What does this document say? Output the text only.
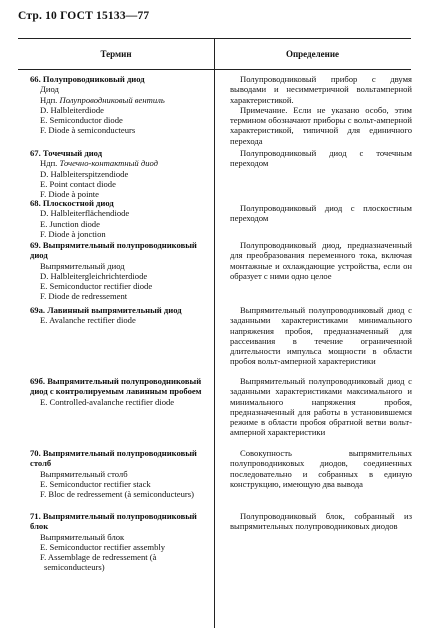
Стр. 10 ГОСТ 15133—77
Термин	Определение
66. Полупроводниковый диод
Диод
Ндп. Полупроводниковый вентиль
D. Halbleiterdiode
E. Semiconductor diode
F. Diode à semiconducteurs

Полупроводниковый прибор с двумя выводами и несимметричной вольтамперной характеристикой.

Примечание. Если не указано особо, этим термином обозначают приборы с вольт-амперной характеристикой, типичной для единичного перехода

67. Точечный диод
Ндп. Точечно-контактный диод
D. Halbleiterspitzendiode
E. Point contact diode
F. Diode à pointe

Полупроводниковый диод с точечным переходом

68. Плоскостной диод
D. Halbleiterflächendiode
E. Junction diode
F. Diode à jonction

Полупроводниковый диод с плоскостным переходом

69. Выпрямительный полупроводниковый диод
Выпрямительный диод
D. Halbleitergleichrichterdiode
E. Semiconductor rectifier diode
F. Diode de redressement

Полупроводниковый диод, предназначенный для преобразования переменного тока, включая монтажные и охлаждающие устройства, если он образует с ними одно целое

69а. Лавинный выпрямительный диод
E. Avalanche rectifier diode

Выпрямительный полупроводниковый диод с заданными характеристиками минимального напряжения пробоя, предназначенный для рассеивания в течение ограниченной длительности импульса мощности в области пробоя вольт-амперной характеристики

69б. Выпрямительный полупроводниковый диод с контролируемым лавинным пробоем
E. Controlled-avalanche rectifier diode

Выпрямительный полупроводниковый диод с заданными характеристиками максимального и минимального напряжения пробоя, предназначенный для работы в установившемся режиме в области пробоя обратной ветви вольт-амперной характеристики

70. Выпрямительный полупроводниковый столб
Выпрямительный столб
E. Semiconductor rectifier stack
F. Bloc de redressement (à semiconducteurs)

Совокупность выпрямительных полупроводниковых диодов, соединенных последовательно и собранных в единую конструкцию, имеющую два вывода

71. Выпрямительный полупроводниковый блок
Выпрямительный блок
E. Semiconductor rectifier assembly
F. Assemblage de redressement (à semiconducteurs)

Полупроводниковый блок, собранный из выпрямительных полупроводниковых диодов
